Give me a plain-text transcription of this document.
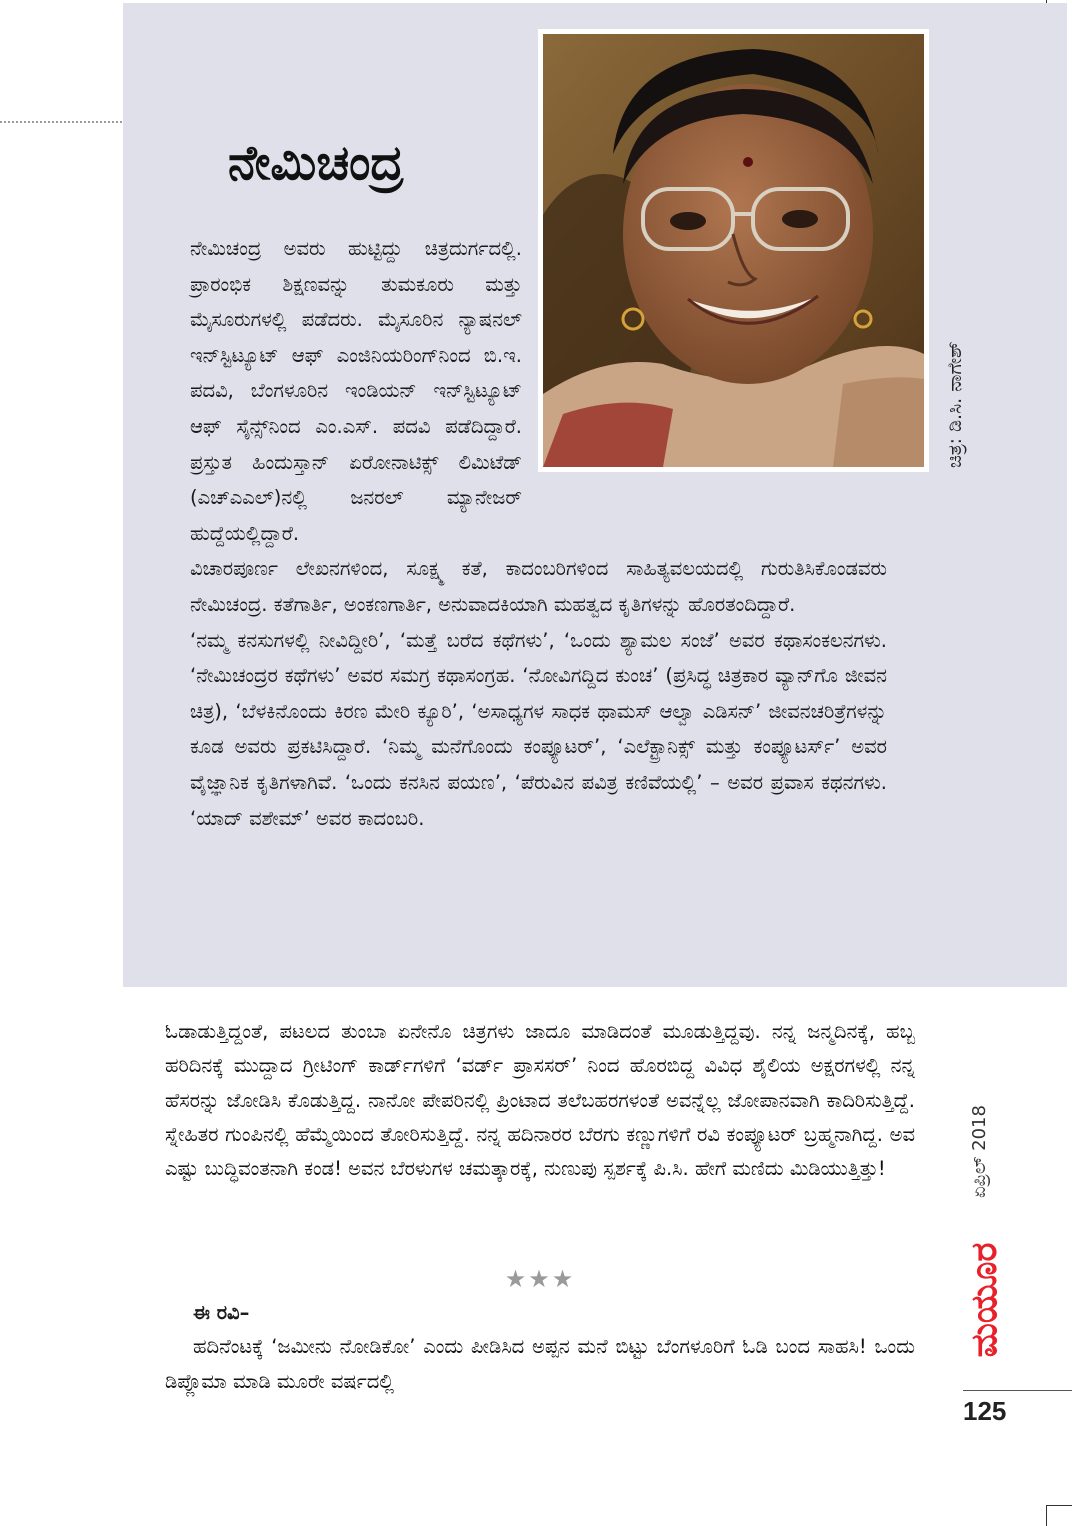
ಚಿತ್ರ: ಡಿ.ಸಿ. ನಾಗೇಶ್
ನೇಮಿಚಂದ್ರ

ನೇಮಿಚಂದ್ರ ಅವರು ಹುಟ್ಟಿದ್ದು ಚಿತ್ರದುರ್ಗದಲ್ಲಿ. ಪ್ರಾರಂಭಿಕ ಶಿಕ್ಷಣವನ್ನು ತುಮಕೂರು ಮತ್ತು ಮೈಸೂರುಗಳಲ್ಲಿ ಪಡೆದರು. ಮೈಸೂರಿನ ನ್ಯಾಷನಲ್ ಇನ್‌ಸ್ಟಿಟ್ಯೂಟ್ ಆಫ್ ಎಂಜಿನಿಯರಿಂಗ್‌ನಿಂದ ಬಿ.ಇ. ಪದವಿ, ಬೆಂಗಳೂರಿನ ಇಂಡಿಯನ್ ಇನ್‌ಸ್ಟಿಟ್ಯೂಟ್ ಆಫ್ ಸೈನ್ಸ್‌ನಿಂದ ಎಂ.ಎಸ್. ಪದವಿ ಪಡೆದಿದ್ದಾರೆ. ಪ್ರಸ್ತುತ ಹಿಂದುಸ್ತಾನ್ ಏರೋನಾಟಿಕ್ಸ್ ಲಿಮಿಟೆಡ್ (ಎಚ್‌ಎಎಲ್)ನಲ್ಲಿ ಜನರಲ್ ಮ್ಯಾನೇಜರ್ ಹುದ್ದೆಯಲ್ಲಿದ್ದಾರೆ.

ವಿಚಾರಪೂರ್ಣ ಲೇಖನಗಳಿಂದ, ಸೂಕ್ಷ್ಮ ಕತೆ, ಕಾದಂಬರಿಗಳಿಂದ ಸಾಹಿತ್ಯವಲಯದಲ್ಲಿ ಗುರುತಿಸಿಕೊಂಡವರು ನೇಮಿಚಂದ್ರ. ಕತೆಗಾರ್ತಿ, ಅಂಕಣಗಾರ್ತಿ, ಅನುವಾದಕಿಯಾಗಿ ಮಹತ್ವದ ಕೃತಿಗಳನ್ನು ಹೊರತಂದಿದ್ದಾರೆ.

‘ನಮ್ಮ ಕನಸುಗಳಲ್ಲಿ ನೀವಿದ್ದೀರಿ’, ‘ಮತ್ತೆ ಬರೆದ ಕಥೆಗಳು’, ‘ಒಂದು ಶ್ಯಾಮಲ ಸಂಜೆ’ ಅವರ ಕಥಾಸಂಕಲನಗಳು. ‘ನೇಮಿಚಂದ್ರರ ಕಥೆಗಳು’ ಅವರ ಸಮಗ್ರ ಕಥಾಸಂಗ್ರಹ. ‘ನೋವಿಗದ್ದಿದ ಕುಂಚ’ (ಪ್ರಸಿದ್ಧ ಚಿತ್ರಕಾರ ವ್ಯಾನ್‌ಗೊ ಜೀವನ ಚಿತ್ರ), ‘ಬೆಳಕಿನೊಂದು ಕಿರಣ ಮೇರಿ ಕ್ಯೂರಿ’, ‘ಅಸಾಧ್ಯಗಳ ಸಾಧಕ ಥಾಮಸ್ ಆಲ್ವಾ ಎಡಿಸನ್’ ಜೀವನಚರಿತ್ರೆಗಳನ್ನು ಕೂಡ ಅವರು ಪ್ರಕಟಿಸಿದ್ದಾರೆ. ‘ನಿಮ್ಮ ಮನೆಗೊಂದು ಕಂಪ್ಯೂಟರ್’, ‘ಎಲೆಕ್ಟ್ರಾನಿಕ್ಸ್ ಮತ್ತು ಕಂಪ್ಯೂಟರ್ಸ್’ ಅವರ ವೈಜ್ಞಾನಿಕ ಕೃತಿಗಳಾಗಿವೆ. ‘ಒಂದು ಕನಸಿನ ಪಯಣ’, ‘ಪೆರುವಿನ ಪವಿತ್ರ ಕಣಿವೆಯಲ್ಲಿ’ – ಅವರ ಪ್ರವಾಸ ಕಥನಗಳು. ‘ಯಾದ್ ವಶೇಮ್’ ಅವರ ಕಾದಂಬರಿ.

ಓಡಾಡುತ್ತಿದ್ದಂತೆ, ಪಟಲದ ತುಂಬಾ ಏನೇನೊ ಚಿತ್ರಗಳು ಜಾದೂ ಮಾಡಿದಂತೆ ಮೂಡುತ್ತಿದ್ದವು. ನನ್ನ ಜನ್ಮದಿನಕ್ಕೆ, ಹಬ್ಬ ಹರಿದಿನಕ್ಕೆ ಮುದ್ದಾದ ಗ್ರೀಟಿಂಗ್ ಕಾರ್ಡ್‌ಗಳಿಗೆ ‘ವರ್ಡ್ ಪ್ರಾಸಸರ್’ ನಿಂದ ಹೊರಬಿದ್ದ ವಿವಿಧ ಶೈಲಿಯ ಅಕ್ಷರಗಳಲ್ಲಿ ನನ್ನ ಹೆಸರನ್ನು ಜೋಡಿಸಿ ಕೊಡುತ್ತಿದ್ದ. ನಾನೋ ಪೇಪರಿನಲ್ಲಿ ಪ್ರಿಂಟಾದ ತಲೆಬಹರಗಳಂತೆ ಅವನ್ನೆಲ್ಲ ಜೋಪಾನವಾಗಿ ಕಾದಿರಿಸುತ್ತಿದ್ದೆ. ಸ್ನೇಹಿತರ ಗುಂಪಿನಲ್ಲಿ ಹೆಮ್ಮೆಯಿಂದ ತೋರಿಸುತ್ತಿದ್ದೆ. ನನ್ನ ಹದಿನಾರರ ಬೆರಗು ಕಣ್ಣುಗಳಿಗೆ ರವಿ ಕಂಪ್ಯೂಟರ್ ಬ್ರಹ್ಮನಾಗಿದ್ದ. ಅವ ಎಷ್ಟು ಬುದ್ಧಿವಂತನಾಗಿ ಕಂಡ! ಅವನ ಬೆರಳುಗಳ ಚಮತ್ಕಾರಕ್ಕೆ, ನುಣುಪು ಸ್ಪರ್ಶಕ್ಕೆ ಪಿ.ಸಿ. ಹೇಗೆ ಮಣಿದು ಮಿಡಿಯುತ್ತಿತ್ತು!

★★★
ಈ ರವಿ–

ಹದಿನೆಂಟಕ್ಕೆ ‘ಜಮೀನು ನೋಡಿಕೋ’ ಎಂದು ಪೀಡಿಸಿದ ಅಪ್ಪನ ಮನೆ ಬಿಟ್ಟು ಬೆಂಗಳೂರಿಗೆ ಓಡಿ ಬಂದ ಸಾಹಸಿ! ಒಂದು ಡಿಪ್ಲೊಮಾ ಮಾಡಿ ಮೂರೇ ವರ್ಷದಲ್ಲಿ

ಏಪ್ರಿಲ್ 2018
ಮಯೂರ
125
